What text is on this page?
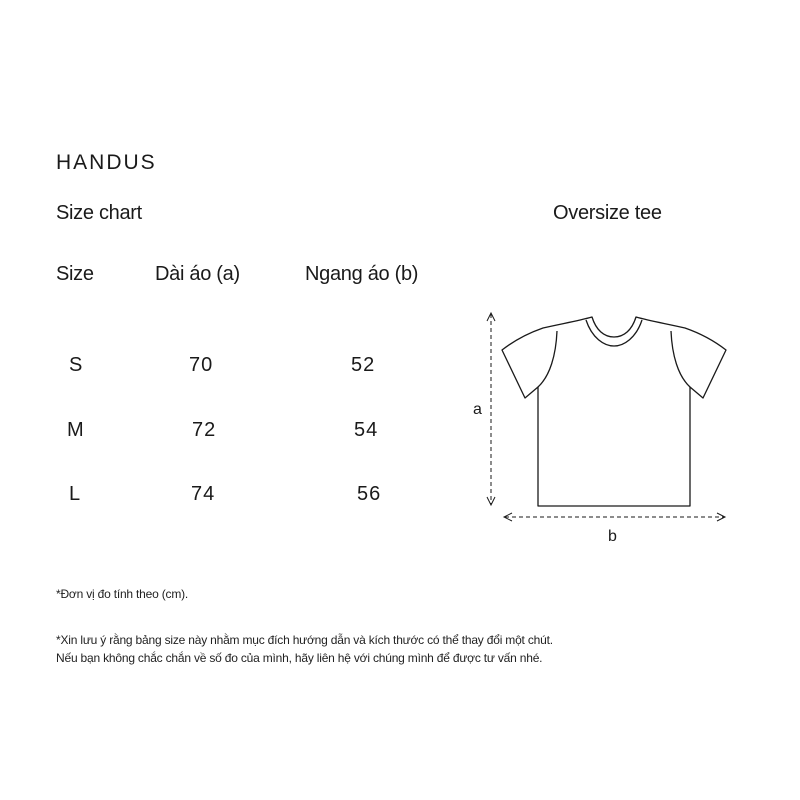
HANDUS
Size chart	Oversize tee
Size	Dài áo (a)	Ngang áo (b)
S	70	52
M	72	54
L	74	56
a
b
*Đơn vị đo tính theo (cm).
*Xin lưu ý rằng bảng size này nhằm mục đích hướng dẫn và kích thước có thể thay đổi một chút.
Nếu bạn không chắc chắn về số đo của mình, hãy liên hệ với chúng mình để được tư vấn nhé.
